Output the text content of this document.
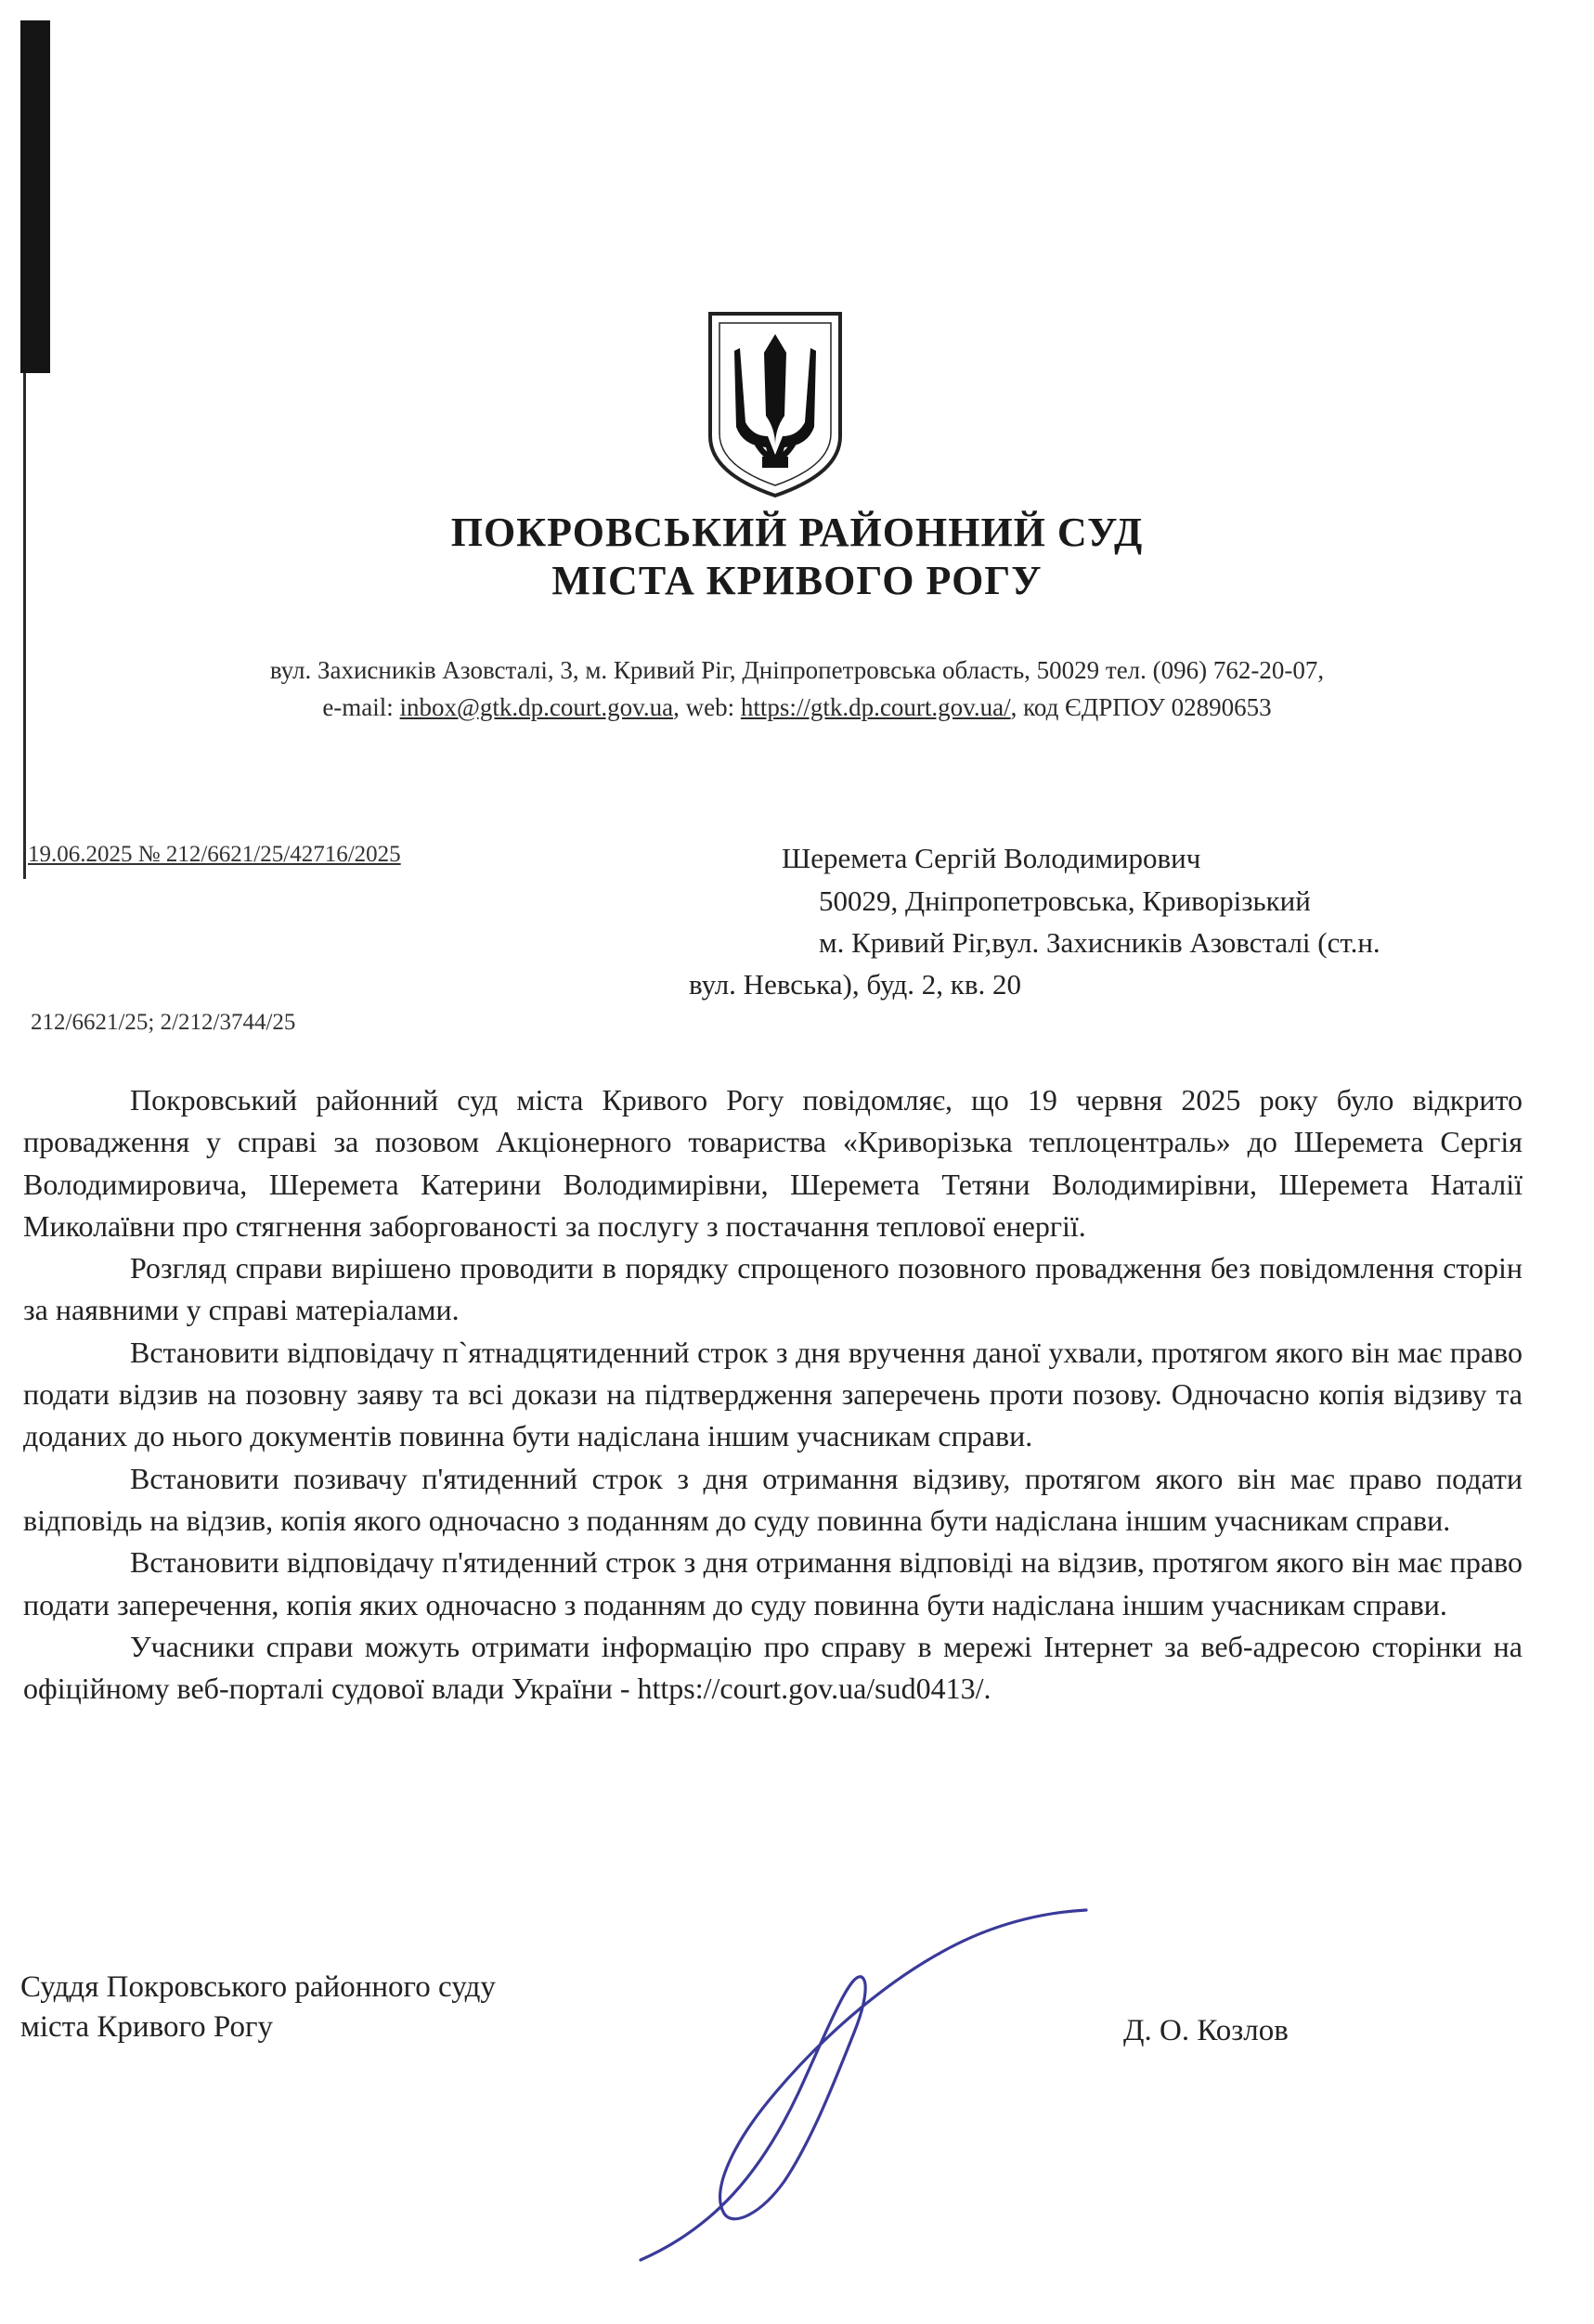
ПОКРОВСЬКИЙ РАЙОННИЙ СУД
МІСТА КРИВОГО РОГУ
вул. Захисників Азовсталі, 3, м. Кривий Ріг, Дніпропетровська область, 50029 тел. (096) 762-20-07,
e-mail: inbox@gtk.dp.court.gov.ua, web: https://gtk.dp.court.gov.ua/, код ЄДРПОУ 02890653
19.06.2025 № 212/6621/25/42716/2025
212/6621/25; 2/212/3744/25
Шеремета Сергій Володимирович
50029, Дніпропетровська, Криворізький
м. Кривий Ріг,вул. Захисників Азовсталі (ст.н.
вул. Невська), буд. 2, кв. 20

Покровський районний суд міста Кривого Рогу повідомляє, що 19 червня 2025 року було відкрито провадження у справі за позовом Акціонерного товариства «Криворізька теплоцентраль» до Шеремета Сергія Володимировича, Шеремета Катерини Володимирівни, Шеремета Тетяни Володимирівни, Шеремета Наталії Миколаївни про стягнення заборгованості за послугу з постачання теплової енергії.

Розгляд справи вирішено проводити в порядку спрощеного позовного провадження без повідомлення сторін за наявними у справі матеріалами.

Встановити відповідачу п`ятнадцятиденний строк з дня вручення даної ухвали, протягом якого він має право подати відзив на позовну заяву та всі докази на підтвердження заперечень проти позову. Одночасно копія відзиву та доданих до нього документів повинна бути надіслана іншим учасникам справи.

Встановити позивачу п'ятиденний строк з дня отримання відзиву, протягом якого він має право подати відповідь на відзив, копія якого одночасно з поданням до суду повинна бути надіслана іншим учасникам справи.

Встановити відповідачу п'ятиденний строк з дня отримання відповіді на відзив, протягом якого він має право подати заперечення, копія яких одночасно з поданням до суду повинна бути надіслана іншим учасникам справи.

Учасники справи можуть отримати інформацію про справу в мережі Інтернет за веб-адресою сторінки на офіційному веб-порталі судової влади України - https://court.gov.ua/sud0413/.

Суддя Покровського районного суду
міста Кривого Рогу	Д. О. Козлов
